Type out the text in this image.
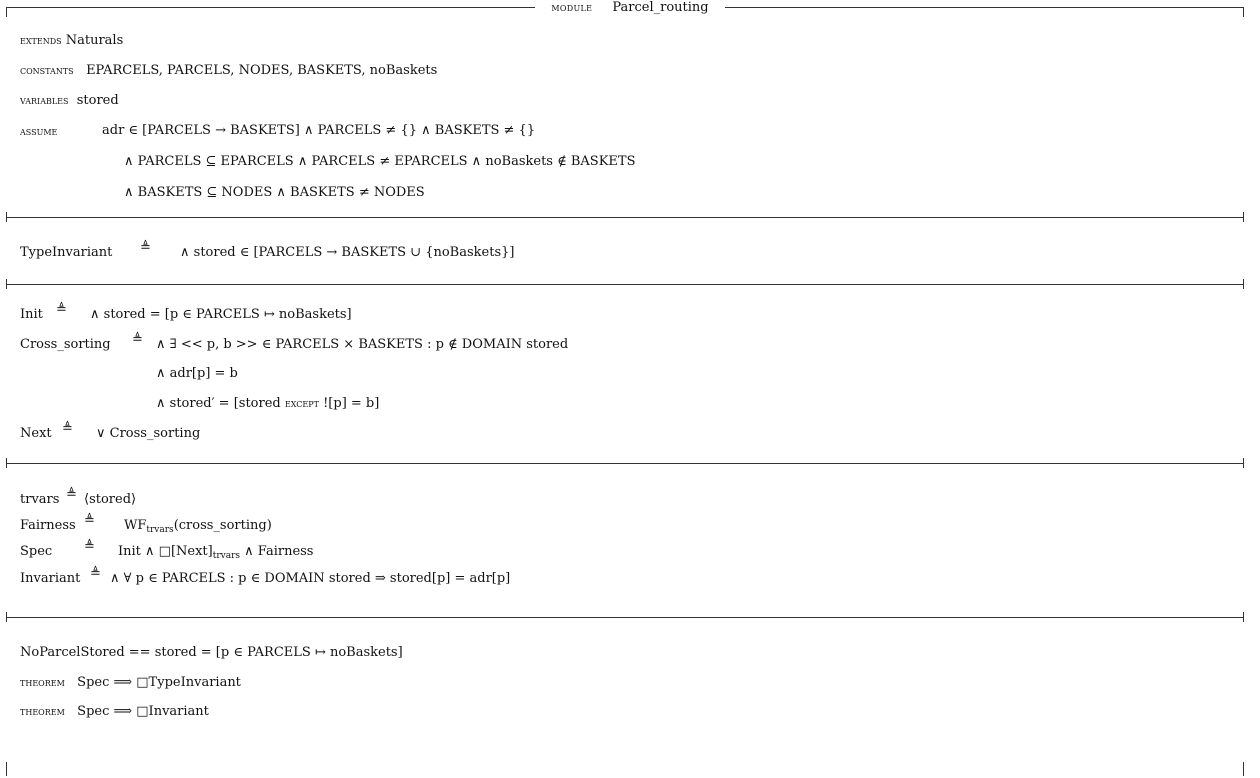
module Parcel_routing
extends Naturals
constants EPARCELS, PARCELS, NODES, BASKETS, noBaskets
variables stored
assume	adr ∈ [PARCELS → BASKETS] ∧ PARCELS ≠ {} ∧ BASKETS ≠ {}
∧ PARCELS ⊆ EPARCELS ∧ PARCELS ≠ EPARCELS ∧ noBaskets ∉ BASKETS
∧ BASKETS ⊆ NODES ∧ BASKETS ≠ NODES
TypeInvariant ≜ ∧ stored ∈ [PARCELS → BASKETS ∪ {noBaskets}]
Init ≜ ∧ stored = [p ∈ PARCELS ↦ noBaskets]
Cross_sorting ≜ ∧ ∃ << p, b >> ∈ PARCELS × BASKETS : p ∉ DOMAIN stored
∧ adr[p] = b
∧ stored′ = [stored except ![p] = b]
Next ≜ ∨ Cross_sorting
trvars ≜ ⟨stored⟩
Fairness ≜ $WF_{trvars}(cross\_sorting)$
Spec ≜ Init ∧ $□[Next]_{trvars}$ ∧ Fairness
Invariant ≜ ∧ ∀ p ∈ PARCELS : p ∈ DOMAIN stored ⇒ stored[p] = adr[p]
NoParcelStored == stored = [p ∈ PARCELS ↦ noBaskets]
theorem Spec ⟹ □TypeInvariant
theorem Spec ⟹ □Invariant
